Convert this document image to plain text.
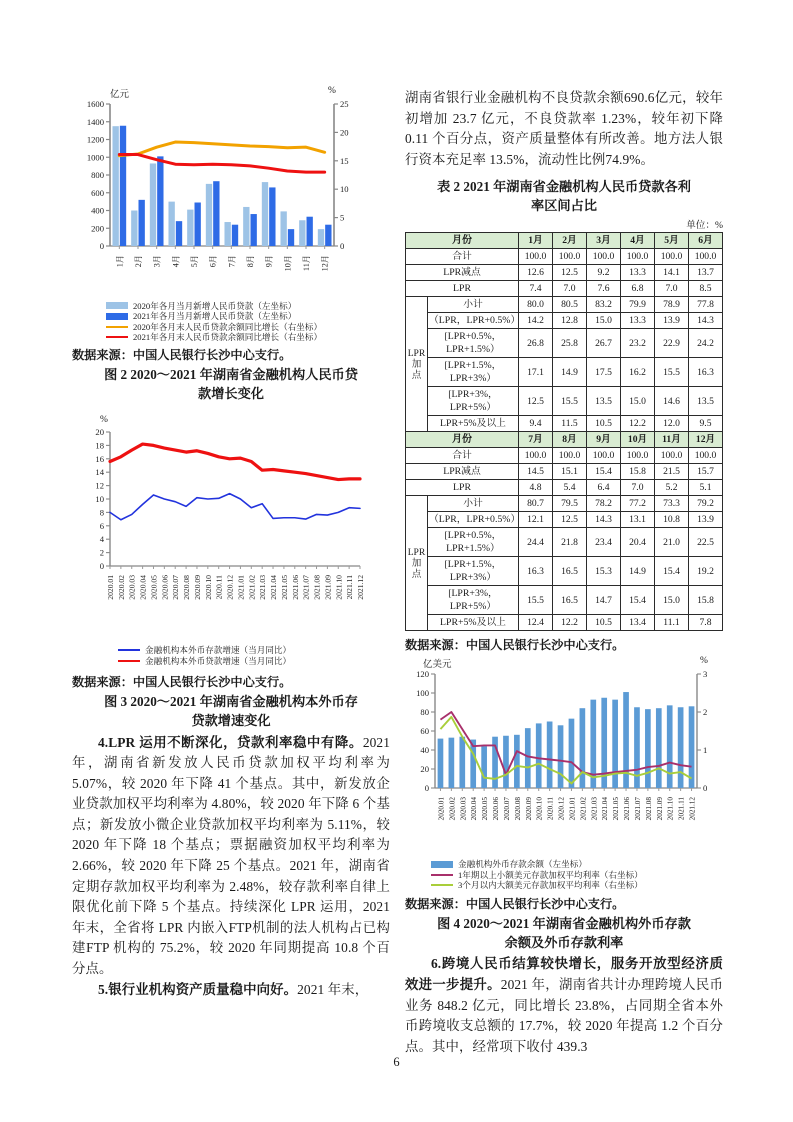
亿元	%
0
200
400
600
800
1000
1200
1400
1600
0
5
10
15
20
25
1月 2月 3月 4月 5月 6月 7月 8月 9月 10月 11月 12月
2020年各月当月新增人民币贷款（左坐标）
2021年各月当月新增人民币贷款（左坐标）
2020年各月末人民币贷款余额同比增长（右坐标）
2021年各月末人民币贷款余额同比增长（右坐标）
数据来源：中国人民银行长沙中心支行。
图 2 2020～2021 年湖南省金融机构人民币贷
款增长变化
%
0
2
4
6
8
10
12
14
16
18
20
2020.01 2020.02 2020.03 2020.04 2020.05 2020.06 2020.07 2020.08 2020.09 2020.10 2020.11 2020.12 2021.01 2021.02 2021.03 2021.04 2021.05 2021.06 2021.07 2021.08 2021.09 2021.10 2021.11 2021.12
金融机构本外币存款增速（当月同比）
金融机构本外币贷款增速（当月同比）
数据来源：中国人民银行长沙中心支行。
图 3 2020～2021 年湖南省金融机构本外币存
贷款增速变化

4.LPR 运用不断深化，贷款利率稳中有降。2021 年，湖南省新发放人民币贷款加权平均利率为 5.07%，较 2020 年下降 41 个基点。其中，新发放企业贷款加权平均利率为 4.80%，较 2020 年下降 6 个基点；新发放小微企业贷款加权平均利率为 5.11%，较 2020 年下降 18 个基点；票据融资加权平均利率为 2.66%，较 2020 年下降 25 个基点。2021 年，湖南省定期存款加权平均利率为 2.48%，较存款利率自律上限优化前下降 5 个基点。持续深化 LPR 运用，2021 年末，全省将 LPR 内嵌入FTP机制的法人机构占已构建FTP 机构的 75.2%，较 2020 年同期提高 10.8 个百分点。

5.银行业机构资产质量稳中向好。2021 年末，

湖南省银行业金融机构不良贷款余额690.6亿元，较年初增加 23.7 亿元，不良贷款率 1.23%，较年初下降 0.11 个百分点，资产质量整体有所改善。地方法人银行资本充足率 13.5%，流动性比例74.9%。

表 2 2021 年湖南省金融机构人民币贷款各利
率区间占比
单位：%
月份		1月	2月	3月	4月	5月	6月
合计		100.0	100.0	100.0	100.0	100.0	100.0
LPR减点		12.6	12.5	9.2	13.3	14.1	13.7
LPR		7.4	7.0	7.6	6.8	7.0	8.5
LPR
加点	小计	80.0	80.5	83.2	79.9	78.9	77.8
	（LPR，LPR+0.5%）	14.2	12.8	15.0	13.3	13.9	14.3
	[LPR+0.5%，LPR+1.5%）	26.8	25.8	26.7	23.2	22.9	24.2
	[LPR+1.5%，LPR+3%）	17.1	14.9	17.5	16.2	15.5	16.3
	[LPR+3%，LPR+5%）	12.5	15.5	13.5	15.0	14.6	13.5
	LPR+5%及以上	9.4	11.5	10.5	12.2	12.0	9.5
月份		7月	8月	9月	10月	11月	12月
合计		100.0	100.0	100.0	100.0	100.0	100.0
LPR减点		14.5	15.1	15.4	15.8	21.5	15.7
LPR		4.8	5.4	6.4	7.0	5.2	5.1
LPR
加点	小计	80.7	79.5	78.2	77.2	73.3	79.2
	（LPR，LPR+0.5%）	12.1	12.5	14.3	13.1	10.8	13.9
	[LPR+0.5%，LPR+1.5%）	24.4	21.8	23.4	20.4	21.0	22.5
	[LPR+1.5%，LPR+3%）	16.3	16.5	15.3	14.9	15.4	19.2
	[LPR+3%，LPR+5%）	15.5	16.5	14.7	15.4	15.0	15.8
	LPR+5%及以上	12.4	12.2	10.5	13.4	11.1	7.8
数据来源：中国人民银行长沙中心支行。
亿美元	%
0
20
40
60
80
100
120
0
1
2
3
2020.01 2020.02 2020.03 2020.04 2020.05 2020.06 2020.07 2020.08 2020.09 2020.10 2020.11 2020.12 2021.01 2021.02 2021.03 2021.04 2021.05 2021.06 2021.07 2021.08 2021.09 2021.10 2021.11 2021.12
金融机构外币存款余额（左坐标）
1年期以上小额美元存款加权平均利率（右坐标）
3个月以内大额美元存款加权平均利率（右坐标）
数据来源：中国人民银行长沙中心支行。
图 4 2020～2021 年湖南省金融机构外币存款
余额及外币存款利率

6.跨境人民币结算较快增长，服务开放型经济质效进一步提升。2021 年，湖南省共计办理跨境人民币业务 848.2 亿元，同比增长 23.8%，占同期全省本外币跨境收支总额的 17.7%，较 2020 年提高 1.2 个百分点。其中，经常项下收付 439.3

6
